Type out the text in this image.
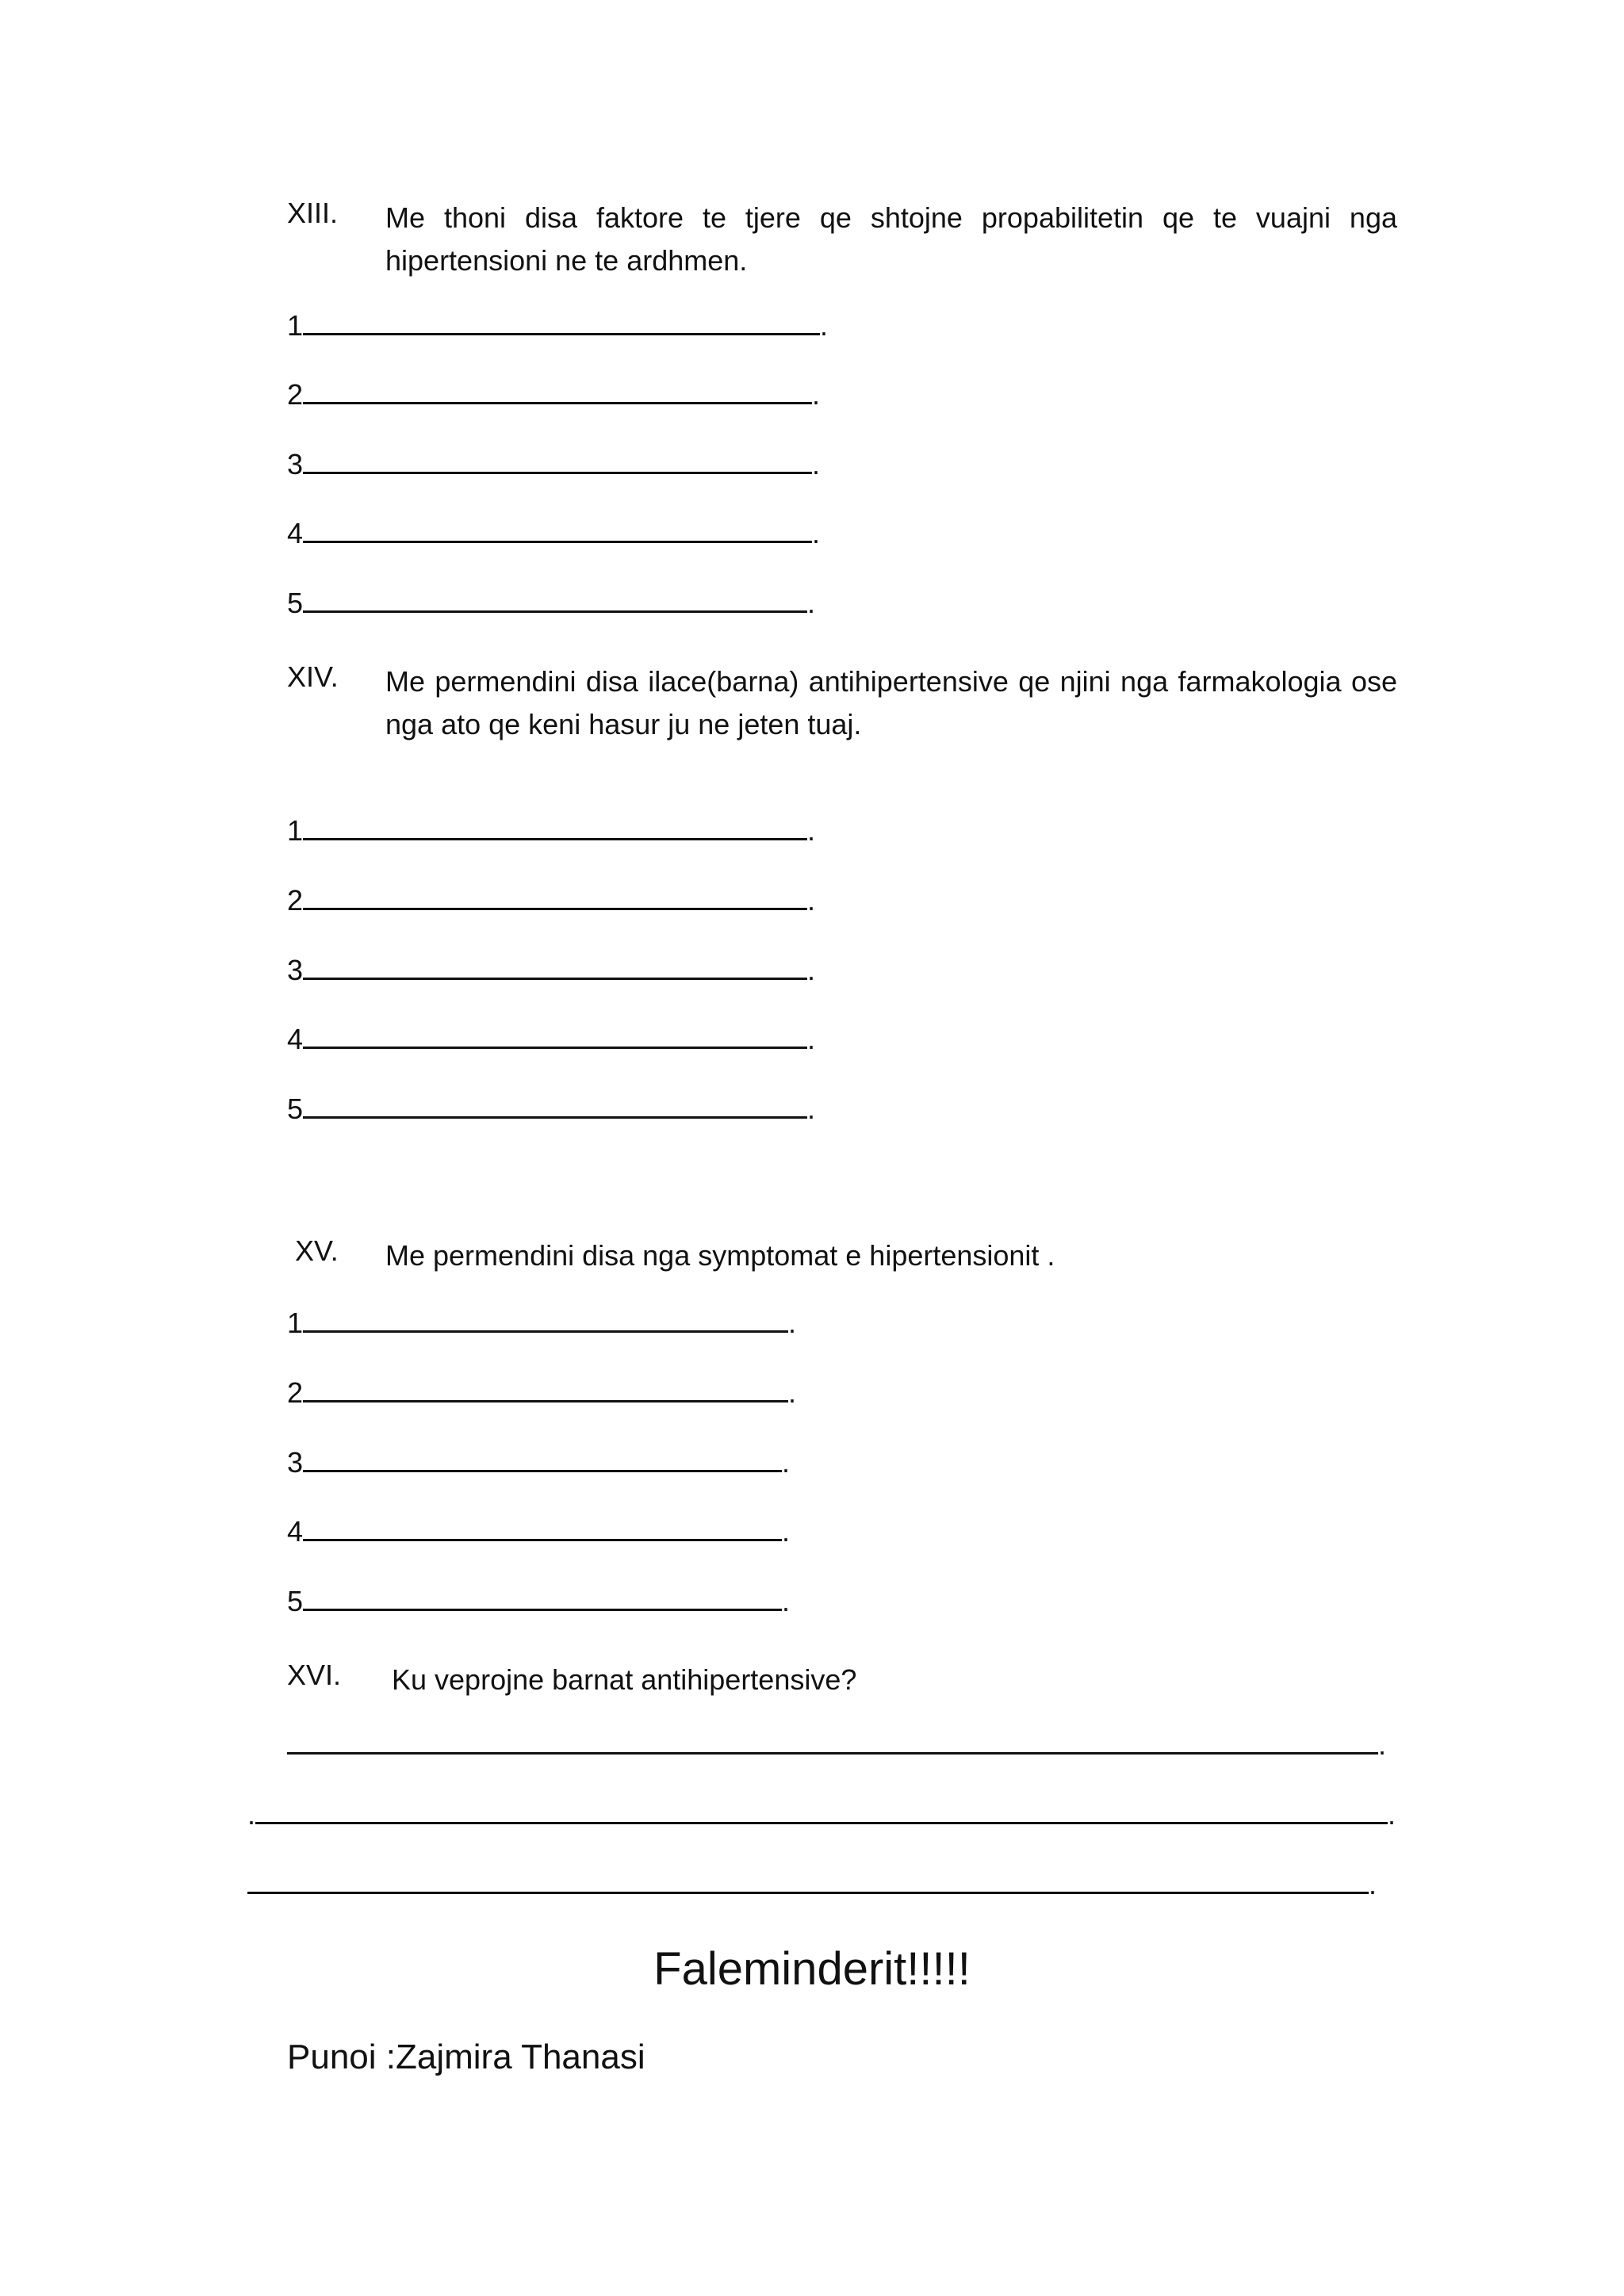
XIII. Me thoni disa faktore te tjere qe shtojne propabilitetin qe te vuajni nga
hipertensioni ne te ardhmen.
1	.
2	.
3	.
4	.
5	.
XIV. Me permendini disa ilace(barna) antihipertensive qe njini nga farmakologia ose
nga ato qe keni hasur ju ne jeten tuaj.
1	.
2	.
3	.
4	.
5	.
XV. Me permendini disa nga symptomat e hipertensionit .
1	.
2	.
3	.
4	.
5	.
XVI. Ku veprojne barnat antihipertensive?
.
.	.
.
Faleminderit!!!!!
Punoi :Zajmira Thanasi
